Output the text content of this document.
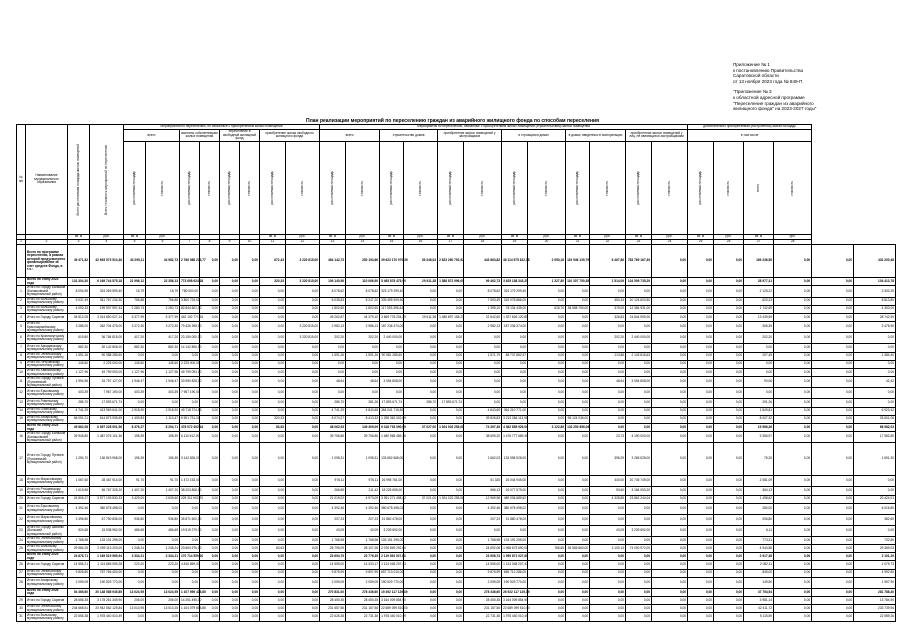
Приложение № 1
к постановлению Правительства
Саратовской области
от 13 ноября 2023 года № 849-П
"Приложение № 3
к областной адресной программе
"Переселение граждан из аварийного
жилищного фонда" на 2023-2027 годы"
План реализации мероприятий по переселению граждан из аварийного жилищного фонда по способам переселения
№ п/п	Наименование муниципального образования	Всего расселяемая площадь жилых помещений	Всего стоимость мероприятий по переселению	Мероприятия по переселению, не связанные с приобретением жилых помещений								Мероприятия по переселению, связанные с приобретением жилых помещений (строительством) жилых помещений												дополнительно приобретаемая (построенная) жилая площадь					
				всего		выплаты собственникам жилых помещений		переселение в свободный жилищный фонд		приобретение жилья свободного жилищного фонда		всего		строительство домов		приобретение жилых помещений у застройщиков		в строящихся домах		в домах, введенных в эксплуатацию		приобретение жилых помещений у лиц, не являющихся застройщиками		в том числе					

				расселяемая площадь	стоимость	расселяемая площадь	стоимость	расселяемая площадь	стоимость	расселяемая площадь	стоимость	расселяемая площадь	стоимость	расселяемая площадь	стоимость	расселяемая площадь	стоимость	расселяемая площадь	стоимость	расселяемая площадь	стоимость	расселяемая площадь	стоимость	расселяемая площадь	стоимость	всего	стоимость		

		кв. м	руб.	кв. м	руб.					кв. м	руб.	кв. м	руб.	кв. м	руб.	кв. м	руб.	кв. м	руб.	кв. м	руб.	кв. м	руб.	кв. м	руб.	кв. м	руб.		
1	2	3	4	5	6	7	8	9	10	11	12	13	14	15	16	17	18	19	20	21	22	23	24	25	26	27	28		
	Всего по программе переселения, в рамках которой предусмотрено финансирование за счет средств Фонда, в т.ч.:	49 471,82	42 693 573 510,46	43 295,11	44 982,73	2 766 988 233,77	0,00	0,00	0,00	672,43	3 220 815,00	464 142,73	253 193,66	39 623 170 070,39	39 346,04	2 823 260 792,92	443 663,82	36 114 975 622,38	2 950,16	119 946 139,79	6 467,86	783 769 167,49	0,00	0,00	0,00	169 236,56	0,00	0,00	432 200,48
	Всего по этапу 2023 года	131 304,30	6 169 744 575,18	21 996,12	22 356,13	773 698 634,28	0,00	0,00	0,00	320,33	3 220 815,00	109 140,56	110 066,90	5 465 876 475,90	29 911,38	1 588 872 996,09	99 462,73	3 625 188 343,25	1 327,80	110 307 750,38	1 514,09	134 509 735,29	0,00	0,00	0,00	28 977,31	0,00	0,00	104 413,78
1	Итого по Городу Балашов (Балашовский муниципальный район)	8 094,55	324 269 599,40	15,79	15,79	780 000,00	0,00	0,00	0,00	0,00	0,00	8 078,62	8 078,62	323 179 299,40	0,00	0,00	8 078,62	324 179 299,40	0,00	0,00	0,00	0,00	0,00	0,00	0,00	2 125,22	0,00	0,00	3 300,25
2	Итого по Вольскому муниципальному району	9 037,49	341 767 234,30	756,88	756,88	3 800 729,60	0,00	0,00	0,00	0,00	0,00	8 035,83	8 247,20	339 455 909,50	0,00	0,00	7 593,49	319 078 886,00	0,00	0,00	454,34	20 124 603,50	0,00	0,00	0,00	620,23	0,00	0,00	8 813,80
3	Итого по Вольскому муниципальному району	4 092,33	199 937 997,44	2 280,73	2 280,73	82 844 601,00	0,00	0,00	0,00	0,00	0,00	1 802,60	1 802,60	117 093 396,44	0,00	0,00	1 395,10	78 134 435,00	616,70	38 558 750,00	379,00	12 384 931,00	0,00	0,00	0,00	1 742,69	0,00	0,00	4 300,00
4	Итого по Городу Саратов	34 812,05	3 014 650 027,14	5 377,99	5 377,99	442 192 771,15	0,00	0,00	0,00	0,00	0,00	49 262,87	44 379,10	3 669 778 204,29	29 611,38	1 485 897 158,23	22 542,60	1 927 826 120,80	0,00	0,00	326,83	24 844 990,00	0,00	0,00	0,00	13 439,59	0,00	0,00	28 742,90
5	Итого по Красноармейскому муниципальному району	3 285,00	262 704 475,00	3 272,30	3 272,30	79 426 398,00	0,00	0,00	0,00	0,00	3 220 815,00	2 982,13	2 986,13	187 236 374,00	0,00	0,00	2 982,13	187 236 374,00	0,00	0,00	0,00	0,00	0,00	0,00	0,00	306,35	0,00	0,00	2 476,90
6	Итого по Краснокутскому муниципальному району	619,80	36 784 815,00	417,20	417,20	23 150 000,00	0,00	0,00	0,00	0,00	3 220 815,00	202,20	202,20	2 440 000,00	0,00	0,00	0,00	0,00	0,00	0,00	202,20	2 440 000,00	0,00	0,00	0,00	202,20	0,00	0,00	0,00
7	Итого по Аркадакскому муниципальному району	882,30	30 142 806,00	882,30	882,30	14 142 806,00	0,00	0,00	0,00	0,00	0,00	0,00	0,00	0,00	0,00	0,00	0,00	0,00	0,00	0,00	0,00	0,00	0,00	0,00	0,00	0,00	0,00	0,00	0,00
8	Итого по Энгельсскому муниципальному району	1 591,26	90 988 289,60	0,00	0,00	0,00	0,00	0,00	0,00	0,00	0,00	1 591,26	1 591,26	90 981 289,60	0,00	0,00	1 571,79	88 737 862,97	0,00	0,00	113,86	2 143 816,63	0,00	0,00	0,00	207,45	0,00	0,00	1 384,40
9	Итого по Петровскому муниципальному району	145,60	2 225 000,00	145,60	145,60	2 225 000,00	0,00	0,00	0,00	0,00	0,00	0,00	0,00	0,00	0,00	0,00	0,00	0,00	0,00	0,00	0,00	0,00	0,00	0,00	0,00	0,00	0,00	0,00	0,00
10	Итого по Хвалынскому муниципальному району	1 127,96	49 799 093,00	1 127,96	1 127,96	49 799 093,00	0,00	0,00	0,00	0,00	0,00	0,00	0,00	0,00	0,00	0,00	0,00	0,00	0,00	0,00	0,00	0,00	0,00	0,00	0,00	0,00	0,00	0,00	0,00
11	Итого по Городу Пугачев (Пугачевский муниципальный район)	1 994,56	34 757 127,00	1 946,47	1 946,47	33 950 828,00	0,00	0,00	0,00	0,00	0,00	48,64	48,64	3 054 808,00	0,00	0,00	0,00	0,00	0,00	0,00	48,64	3 054 808,00	0,00	0,00	0,00	90,06	0,00	0,00	42,42
12	Итого по Ершовскому муниципальному району	403,39	7 967 190,00	403,39	403,39	7 967 190,00	0,00	0,00	0,00	0,00	0,00	0,00	0,00	0,00	0,00	0,00	0,00	0,00	0,00	0,00	0,00	0,00	0,00	0,00	0,00	0,00	0,00	0,00	0,00
13	Итого по Ровенскому муниципальному району	286,70	17 893 671,74	0,00	0,00	0,00	0,00	0,00	0,00	0,00	0,00	286,70	281,26	17 893 671,74	286,70	17 893 671,74	0,00	0,00	0,00	0,00	0,00	0,00	0,00	0,00	0,00	291,26	0,00	0,00	0,00
14	Итого по Озинскому муниципальному району	4 741,29	413 969 641,00	2 918,90	2 918,90	49 718 374,83	0,00	0,00	0,00	0,00	0,00	4 741,29	4 843,68	364 041 715,80	0,00	0,00	4 843,69	364 210 771,00	0,00	0,00	0,00	0,00	0,00	0,00	0,00	1 849,81	0,00	0,00	6 923,42
15	Итого по Аткарскому муниципальному району	56 091,21	614 873 935,69	1 409,83	1 113,47	5 901 731,00	0,00	0,00	0,00	320,33	0,00	8 074,27	8 413,33	1 298 362 002,69	0,00	0,00	39 826,83	3 213 384 113,91	0,00	95 124 036,00	0,00	0,00	0,00	0,00	0,00	8 007,32	0,00	0,00	33 601,06
	Всего по этапу 2024 года	49 862,08	6 897 228 901,56	8 376,27	8 294,71	478 072 492,43	0,00	0,00	0,00	83,63	0,00	48 062,93	149 309,09	6 418 793 090,09	37 027,00	1 924 002 255,08	74 397,49	4 362 855 926,00	3 122,89	132 250 656,06	0,00	0,00	0,00	0,00	0,00	19 966,26	0,00	0,00	66 982,03
16	Итого по Городу Балашов (Балашовский муниципальный район)	39 945,80	1 487 076 101,36	198,39	198,39	6 110 612,00	0,00	0,00	0,00	0,00	0,00	39 756,86	39 756,86	1 480 965 489,36	0,00	0,00	38 695,20	1 476 777 689,36	0,00	0,00	23,73	4 190 000,00	0,00	0,00	0,00	9 356,97	0,00	0,00	17 982,80
17	Итого по Городу Пугачев (Пугачевский муниципальный район)	1 294,70	136 819 968,00	196,39	196,39	3 142 826,00	0,00	0,00	0,00	0,00	0,00	1 098,31	1 098,31	133 652 668,00	0,00	0,00	1 662,03	133 558 928,00	0,00	0,00	396,29	3 265 528,00	0,00	0,00	0,00	75,20	0,00	0,00	1 691,30
18	Итого по Марксовскому муниципальному району	1 067,60	28 467 914,00	91,70	91,70	1 472 153,00	0,00	0,00	0,00	0,00	0,00	976,11	976,11	26 995 761,00	0,00	0,00	51 325	26 044 945,00	0,00	0,00	440,00	20 745 749,00	0,00	0,00	0,00	2 081,09	0,00	0,00	0,00
19	Итого по Ртищевскому муниципальному району	1 619,65	56 767 325,20	1 407,20	1 407,20	38 203 808,00	0,00	0,00	0,00	0,00	0,00	266,85	211,42	18 225 655,00	0,00	0,00	566,13	26 077 579,00	0,00	0,00	53,60	3 184 053,20	0,00	0,00	0,00	364,13	0,00	0,00	0,00
20	Итого по Городу Саратов	24 806,27	3 577 193 830,33	3 429,00	2 639,60	229 311 902,70	0,00	0,00	0,00	0,00	0,00	21 019,02	4 973,09	3 391 271 498,42	37 021,00	1 924 022 255,08	12 969,98	489 036 689,62	0,00	0,00	4 328,85	23 862 244,04	0,00	0,00	0,00	1 498,62	0,00	0,00	20 424,01
21	Итого по Ершовскому муниципальному району	4 392,46	380 678 498,02	0,00	0,00	0,00	0,00	0,00	0,00	0,00	0,00	4 392,46	4 392,46	380 678 498,02	0,00	0,00	4 392,46	380 678 498,02	0,00	0,00	0,00	0,00	0,00	0,00	0,00	280,00	0,00	0,00	6 016,80
22	Итого по Марксовскому муниципальному району	2 496,80	67 750 836,00	936,80	936,80	35 871 600,00	0,00	0,00	0,00	0,00	0,00	207,23	207,23	31 860 478,00	0,00	0,00	207,23	31 880 478,00	0,00	0,00	0,00	0,00	0,00	0,00	0,00	206,80	0,00	0,00	382,60
23	Итого по Городу Шиханы (Вольский муниципальный район)	524,65	15 538 962,00	486,65	486,65	19 519 279,00	0,00	0,00	0,00	0,00	0,00	43,09	43,09	3 239 692,00	0,00	0,00	0,00	0,00	0,00	0,00	43,09	3 239 692,00	0,00	0,00	0,00	6,11	0,00	0,00	0,00
24	Итого по Энгельсскому муниципальному району	1 768,98	133 191 295,00	0,00	0,00	0,00	0,00	0,00	0,00	0,00	0,00	1 768,98	1 768,98	133 191 295,00	0,00	0,00	1 768,98	133 191 295,00	0,00	0,00	0,00	0,00	0,00	0,00	0,00	773,31	0,00	0,00	732,80
25	Итого по Вольскому муниципальному району	29 584,25	2 099 113 203,00	1 248,24	1 248,24	23 663 976,00	0,00	0,00	0,00	83,63	0,00	28 795,09	28 107,28	2 076 849 292,00	0,00	0,00	24 692,08	1 968 673 690,00	785,65	36 555 860,00	3 100,13	74 000 972,00	0,00	0,00	0,00	4 944,56	0,00	0,00	29 369,03
	Всего по этапу 2025 года	24 876,71	1 169 019 969,94	3 334,21	3 334,21	170 714 559,00	0,00	0,00	0,00	0,00	0,00	23 694,79	23 776,35	2 119 393 027,63	0,00	0,00	23 906,74	1 999 871 027,68	0,00	0,00	0,00	0,00	0,00	0,00	0,00	2 917,38	0,00	0,00	2 101,29
26	Итого по Городу Саратов	14 556,21	1 114 865 069,28	223,20	223,20	4 816 869,00	0,00	0,00	0,00	0,00	0,00	14 555,00	14 333,17	1 124 048 207,43	0,00	0,00	14 555,00	1 124 048 207,43	0,00	0,00	0,00	0,00	0,00	0,00	0,00	2 082,11	0,00	0,00	1 079,73
27	Итого по Энгельсскому муниципальному району	9 826,80	757 756 400,00	0,00	0,00	0,00	0,00	0,00	0,00	0,00	0,00	9 875,99	9 897,99	657 713 010,00	0,00	0,00	9 875,99	655 712 286,00	0,00	0,00	0,00	0,00	0,00	0,00	0,00	845,00	0,00	0,00	4 992,80
28	Итого по Аткарскому муниципальному району	2 059,05	190 529 770,00	0,00	0,00	0,00	0,00	0,00	0,00	0,00	0,00	2 059,05	2 059,05	190 529 770,00	0,00	0,00	2 059,05	190 529 770,00	0,00	0,00	0,00	0,00	0,00	0,00	0,00	149,50	0,00	0,00	1 957,90
	Всего по этапу 2026 года	54 365,60	20 148 585 945,85	13 024,95	13 024,95	1 107 959 415,85	0,00	0,00	0,00	0,00	0,00	270 831,00	278 436,60	19 392 117 129,39	0,00	0,00	278 436,60	26 922 117 129,39	0,00	0,00	0,00	0,00	0,00	0,00	0,00	47 754,54	0,00	0,00	281 788,40
29	Итого по Городу Саратов	28 656,35	3 178 261 349,90	206,00	206,00	14 251 495,00	0,00	0,00	0,00	0,00	0,00	28 450,35	28 450,35	3 164 009 854,90	0,00	0,00	28 450,35	3 164 009 854,90	0,00	0,00	0,00	0,00	0,00	0,00	0,00	3 981,14	0,00	0,00	13 784,90
30	Итого по Энгельсскому муниципальному району	244 668,51	20 942 562 125,84	13 010,95	13 010,25	1 104 079 815,85	0,00	0,00	0,00	0,00	0,00	231 657,56	231 157,56	22 689 099 510,00	0,00	0,00	231 157,56	22 689 099 510,00	0,00	0,00	0,00	0,00	0,00	0,00	0,00	42 411,72	0,00	0,00	233 739,94
31	Итого по Вольскому муниципальному району	22 656,38	1 978 440 010,49	0,00	0,00	0,00	0,00	0,00	0,00	0,00	0,00	22 626,38	22 731,36	1 978 440 010,49	0,00	0,00	22 731,36	1 978 440 010,49	0,00	0,00	0,00	0,00	0,00	0,00	0,00	5 115,59	0,00	0,00	22 589,26
